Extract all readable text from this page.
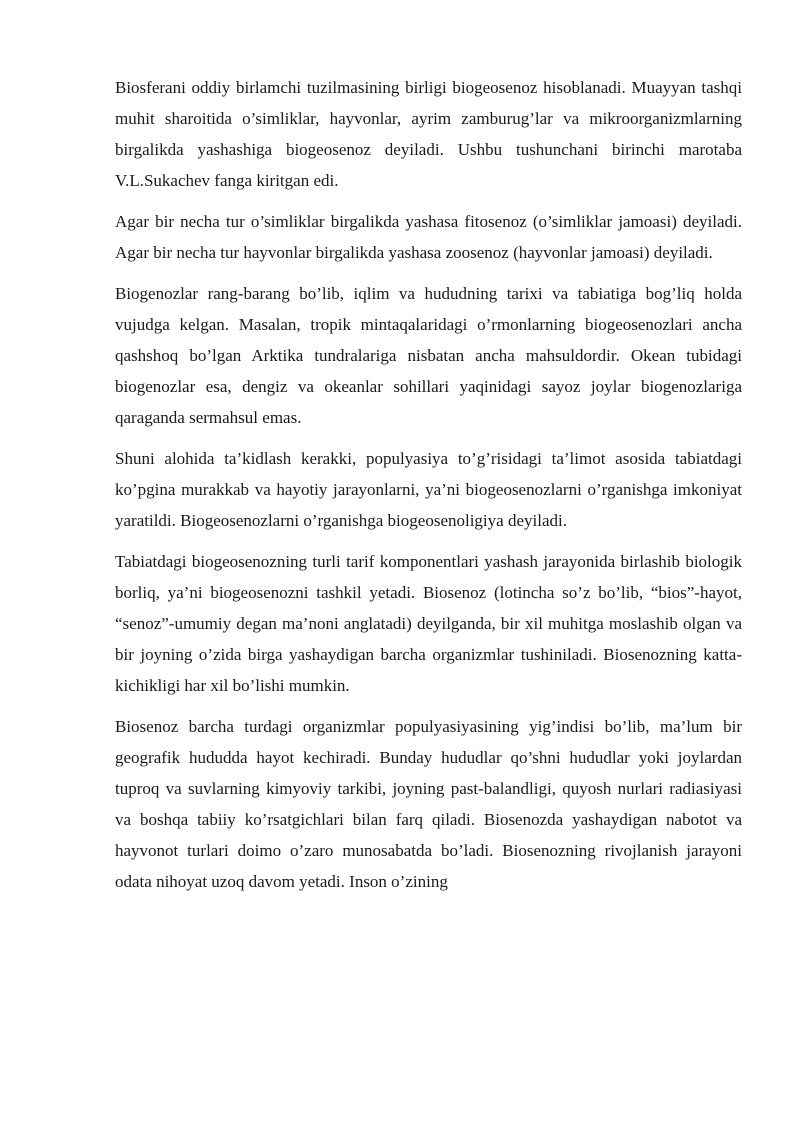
Biosferani oddiy birlamchi tuzilmasining birligi biogeosenoz hisoblanadi. Muayyan tashqi muhit sharoitida o’simliklar, hayvonlar, ayrim zamburug’lar va mikroorganizmlarning birgalikda yashashiga biogeosenoz deyiladi. Ushbu tushunchani birinchi marotaba V.L.Sukachev fanga kiritgan edi.

Agar bir necha tur o’simliklar birgalikda yashasa fitosenoz (o’simliklar jamoasi) deyiladi. Agar bir necha tur hayvonlar birgalikda yashasa zoosenoz (hayvonlar jamoasi) deyiladi.

Biogenozlar rang-barang bo’lib, iqlim va hududning tarixi va tabiatiga bog’liq holda vujudga kelgan. Masalan, tropik mintaqalaridagi o’rmonlarning biogeosenozlari ancha qashshoq bo’lgan Arktika tundralariga nisbatan ancha mahsuldordir. Okean tubidagi biogenozlar esa, dengiz va okeanlar sohillari yaqinidagi sayoz joylar biogenozlariga qaraganda sermahsul emas.

Shuni alohida ta’kidlash kerakki, populyasiya to’g’risidagi ta’limot asosida tabiatdagi ko’pgina murakkab va hayotiy jarayonlarni, ya’ni biogeosenozlarni o’rganishga imkoniyat yaratildi. Biogeosenozlarni o’rganishga biogeosenoligiya deyiladi.

Tabiatdagi biogeosenozning turli tarif komponentlari yashash jarayonida birlashib biologik borliq, ya’ni biogeosenozni tashkil yetadi. Biosenoz (lotincha so’z bo’lib, “bios”-hayot, “senoz”-umumiy degan ma’noni anglatadi) deyilganda, bir xil muhitga moslashib olgan va bir joyning o’zida birga yashaydigan barcha organizmlar tushiniladi. Biosenozning katta-kichikligi har xil bo’lishi mumkin.

Biosenoz barcha turdagi organizmlar populyasiyasining yig’indisi bo’lib, ma’lum bir geografik hududda hayot kechiradi. Bunday hududlar qo’shni hududlar yoki joylardan tuproq va suvlarning kimyoviy tarkibi, joyning past-balandligi, quyosh nurlari radiasiyasi va boshqa tabiiy ko’rsatgichlari bilan farq qiladi. Biosenozda yashaydigan nabotot va hayvonot turlari doimo o’zaro munosabatda bo’ladi. Biosenozning rivojlanish jarayoni odata nihoyat uzoq davom yetadi. Inson o’zining
